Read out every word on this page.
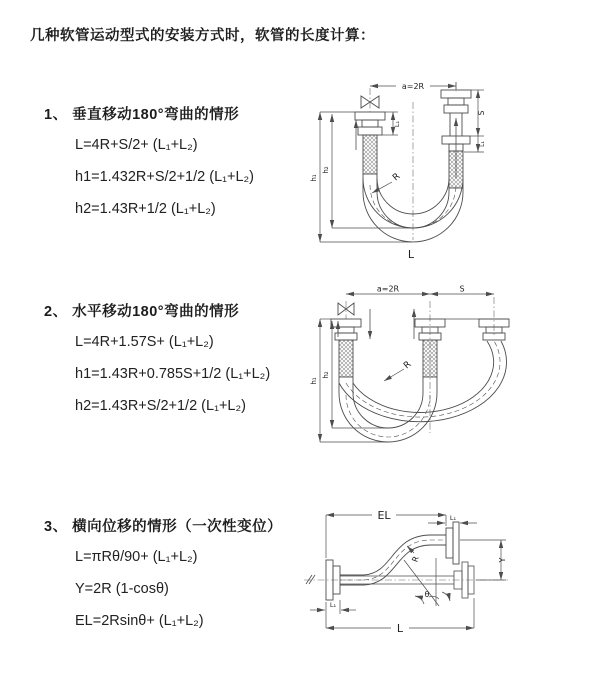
几种软管运动型式的安装方式时，软管的长度计算：
1、 垂直移动180°弯曲的情形
L=4R+S/2+ (L₁+L₂)
h1=1.432R+S/2+1/2 (L₁+L₂)
h2=1.43R+1/2 (L₁+L₂)
2、 水平移动180°弯曲的情形
L=4R+1.57S+ (L₁+L₂)
h1=1.43R+0.785S+1/2 (L₁+L₂)
h2=1.43R+S/2+1/2 (L₁+L₂)
3、 横向位移的情形（一次性变位）
L=πRθ/90+ (L₁+L₂)
Y=2R (1-cosθ)
EL=2Rsinθ+ (L₁+L₂)
a=2R
h₁
h₂
L₁
S
L₁
R
L
a=2R	S
h₁
h₂
R
EL	L₁
Y
R
θ
L
L₁
